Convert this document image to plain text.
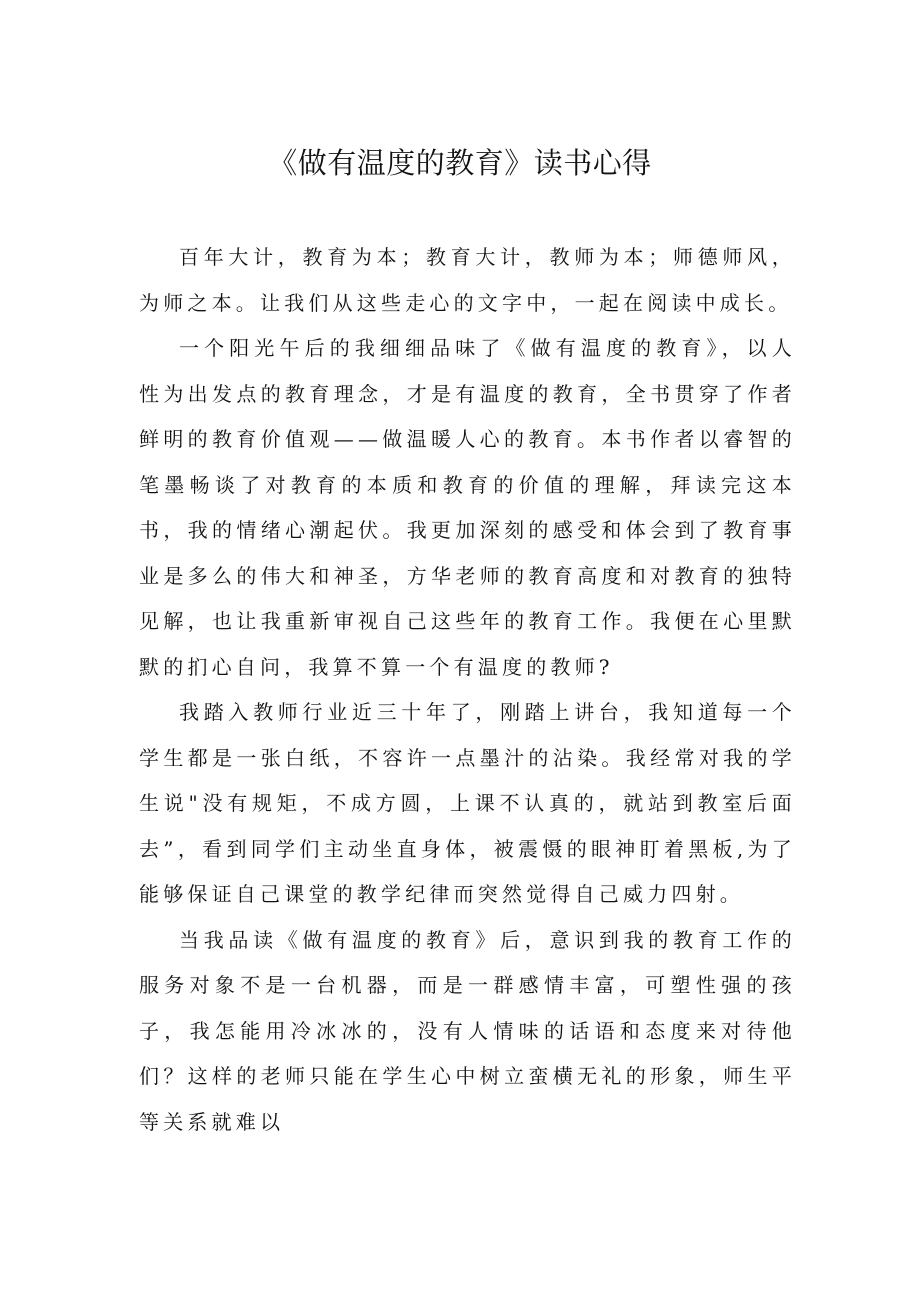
《做有温度的教育》读书心得

百年大计，教育为本；教育大计，教师为本；师德师风，为师之本。让我们从这些走心的文字中，一起在阅读中成长。

一个阳光午后的我细细品味了《做有温度的教育》，以人性为出发点的教育理念，才是有温度的教育，全书贯穿了作者鲜明的教育价值观——做温暖人心的教育。本书作者以睿智的笔墨畅谈了对教育的本质和教育的价值的理解，拜读完这本书，我的情绪心潮起伏。我更加深刻的感受和体会到了教育事业是多么的伟大和神圣，方华老师的教育高度和对教育的独特见解，也让我重新审视自己这些年的教育工作。我便在心里默默的扪心自问，我算不算一个有温度的教师?

我踏入教师行业近三十年了，刚踏上讲台，我知道每一个学生都是一张白纸，不容许一点墨汁的沾染。我经常对我的学生说"没有规矩，不成方圆，上课不认真的，就站到教室后面去”，看到同学们主动坐直身体，被震慑的眼神盯着黑板,为了能够保证自己课堂的教学纪律而突然觉得自己威力四射。

当我品读《做有温度的教育》后，意识到我的教育工作的服务对象不是一台机器，而是一群感情丰富，可塑性强的孩子，我怎能用冷冰冰的，没有人情味的话语和态度来对待他们？这样的老师只能在学生心中树立蛮横无礼的形象，师生平等关系就难以
